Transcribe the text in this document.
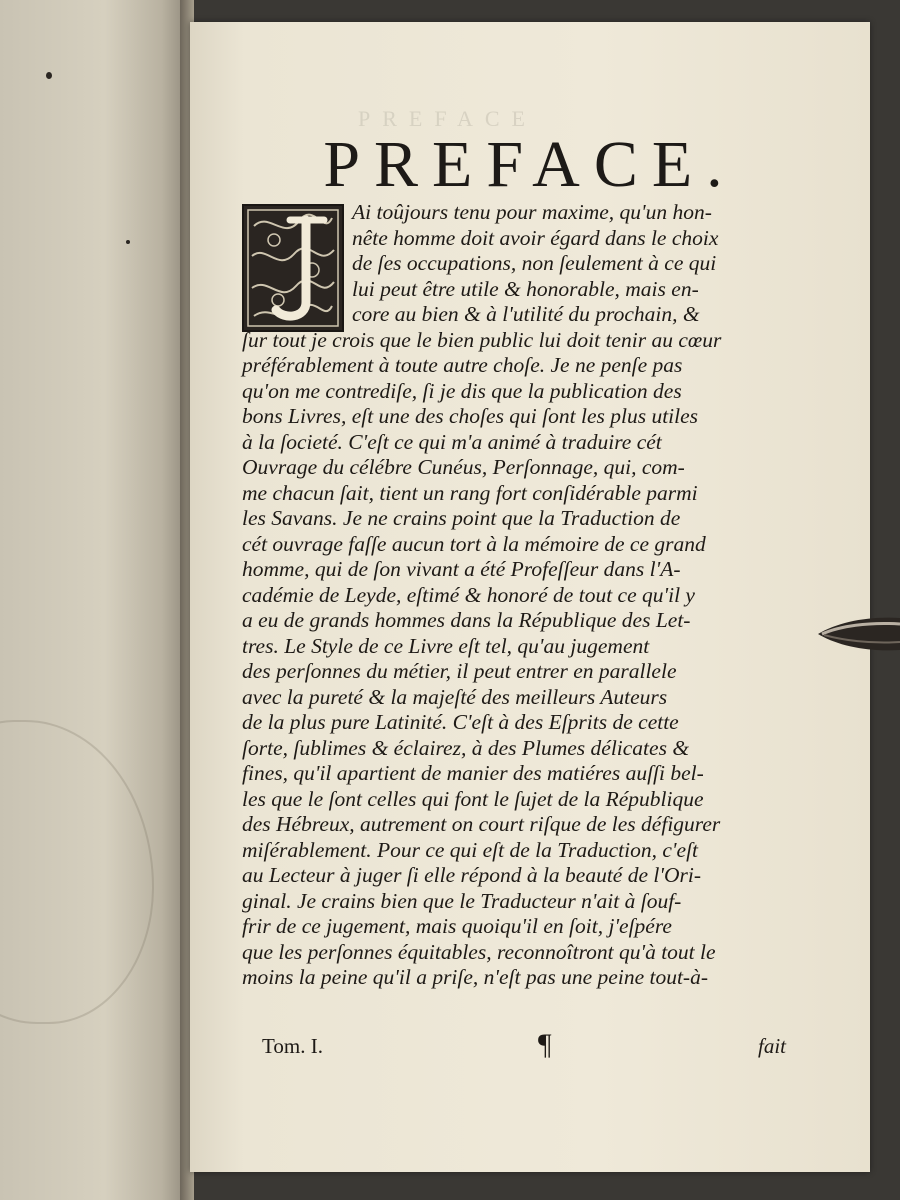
PREFACE
PREFACE.
Ai toûjours tenu pour maxime, qu'un hon-
nête homme doit avoir égard dans le choix
de ſes occupations, non ſeulement à ce qui
lui peut être utile & honorable, mais en-
core au bien & à l'utilité du prochain, &
ſur tout je crois que le bien public lui doit tenir au cœur
préférablement à toute autre choſe. Je ne penſe pas
qu'on me contrediſe, ſi je dis que la publication des
bons Livres, eſt une des choſes qui ſont les plus utiles
à la ſocieté. C'eſt ce qui m'a animé à traduire cét
Ouvrage du célébre Cunéus, Perſonnage, qui, com-
me chacun ſait, tient un rang fort conſidérable parmi
les Savans. Je ne crains point que la Traduction de
cét ouvrage faſſe aucun tort à la mémoire de ce grand
homme, qui de ſon vivant a été Profeſſeur dans l'A-
cadémie de Leyde, eſtimé & honoré de tout ce qu'il y
a eu de grands hommes dans la République des Let-
tres. Le Style de ce Livre eſt tel, qu'au jugement
des perſonnes du métier, il peut entrer en parallele
avec la pureté & la majeſté des meilleurs Auteurs
de la plus pure Latinité. C'eſt à des Eſprits de cette
ſorte, ſublimes & éclairez, à des Plumes délicates &
fines, qu'il apartient de manier des matiéres auſſi bel-
les que le ſont celles qui font le ſujet de la République
des Hébreux, autrement on court riſque de les défigurer
miſérablement. Pour ce qui eſt de la Traduction, c'eſt
au Lecteur à juger ſi elle répond à la beauté de l'Ori-
ginal. Je crains bien que le Traducteur n'ait à ſouf-
frir de ce jugement, mais quoiqu'il en ſoit, j'eſpére
que les perſonnes équitables, reconnoîtront qu'à tout le
moins la peine qu'il a priſe, n'eſt pas une peine tout-à-
Tom. I.	¶	fait
